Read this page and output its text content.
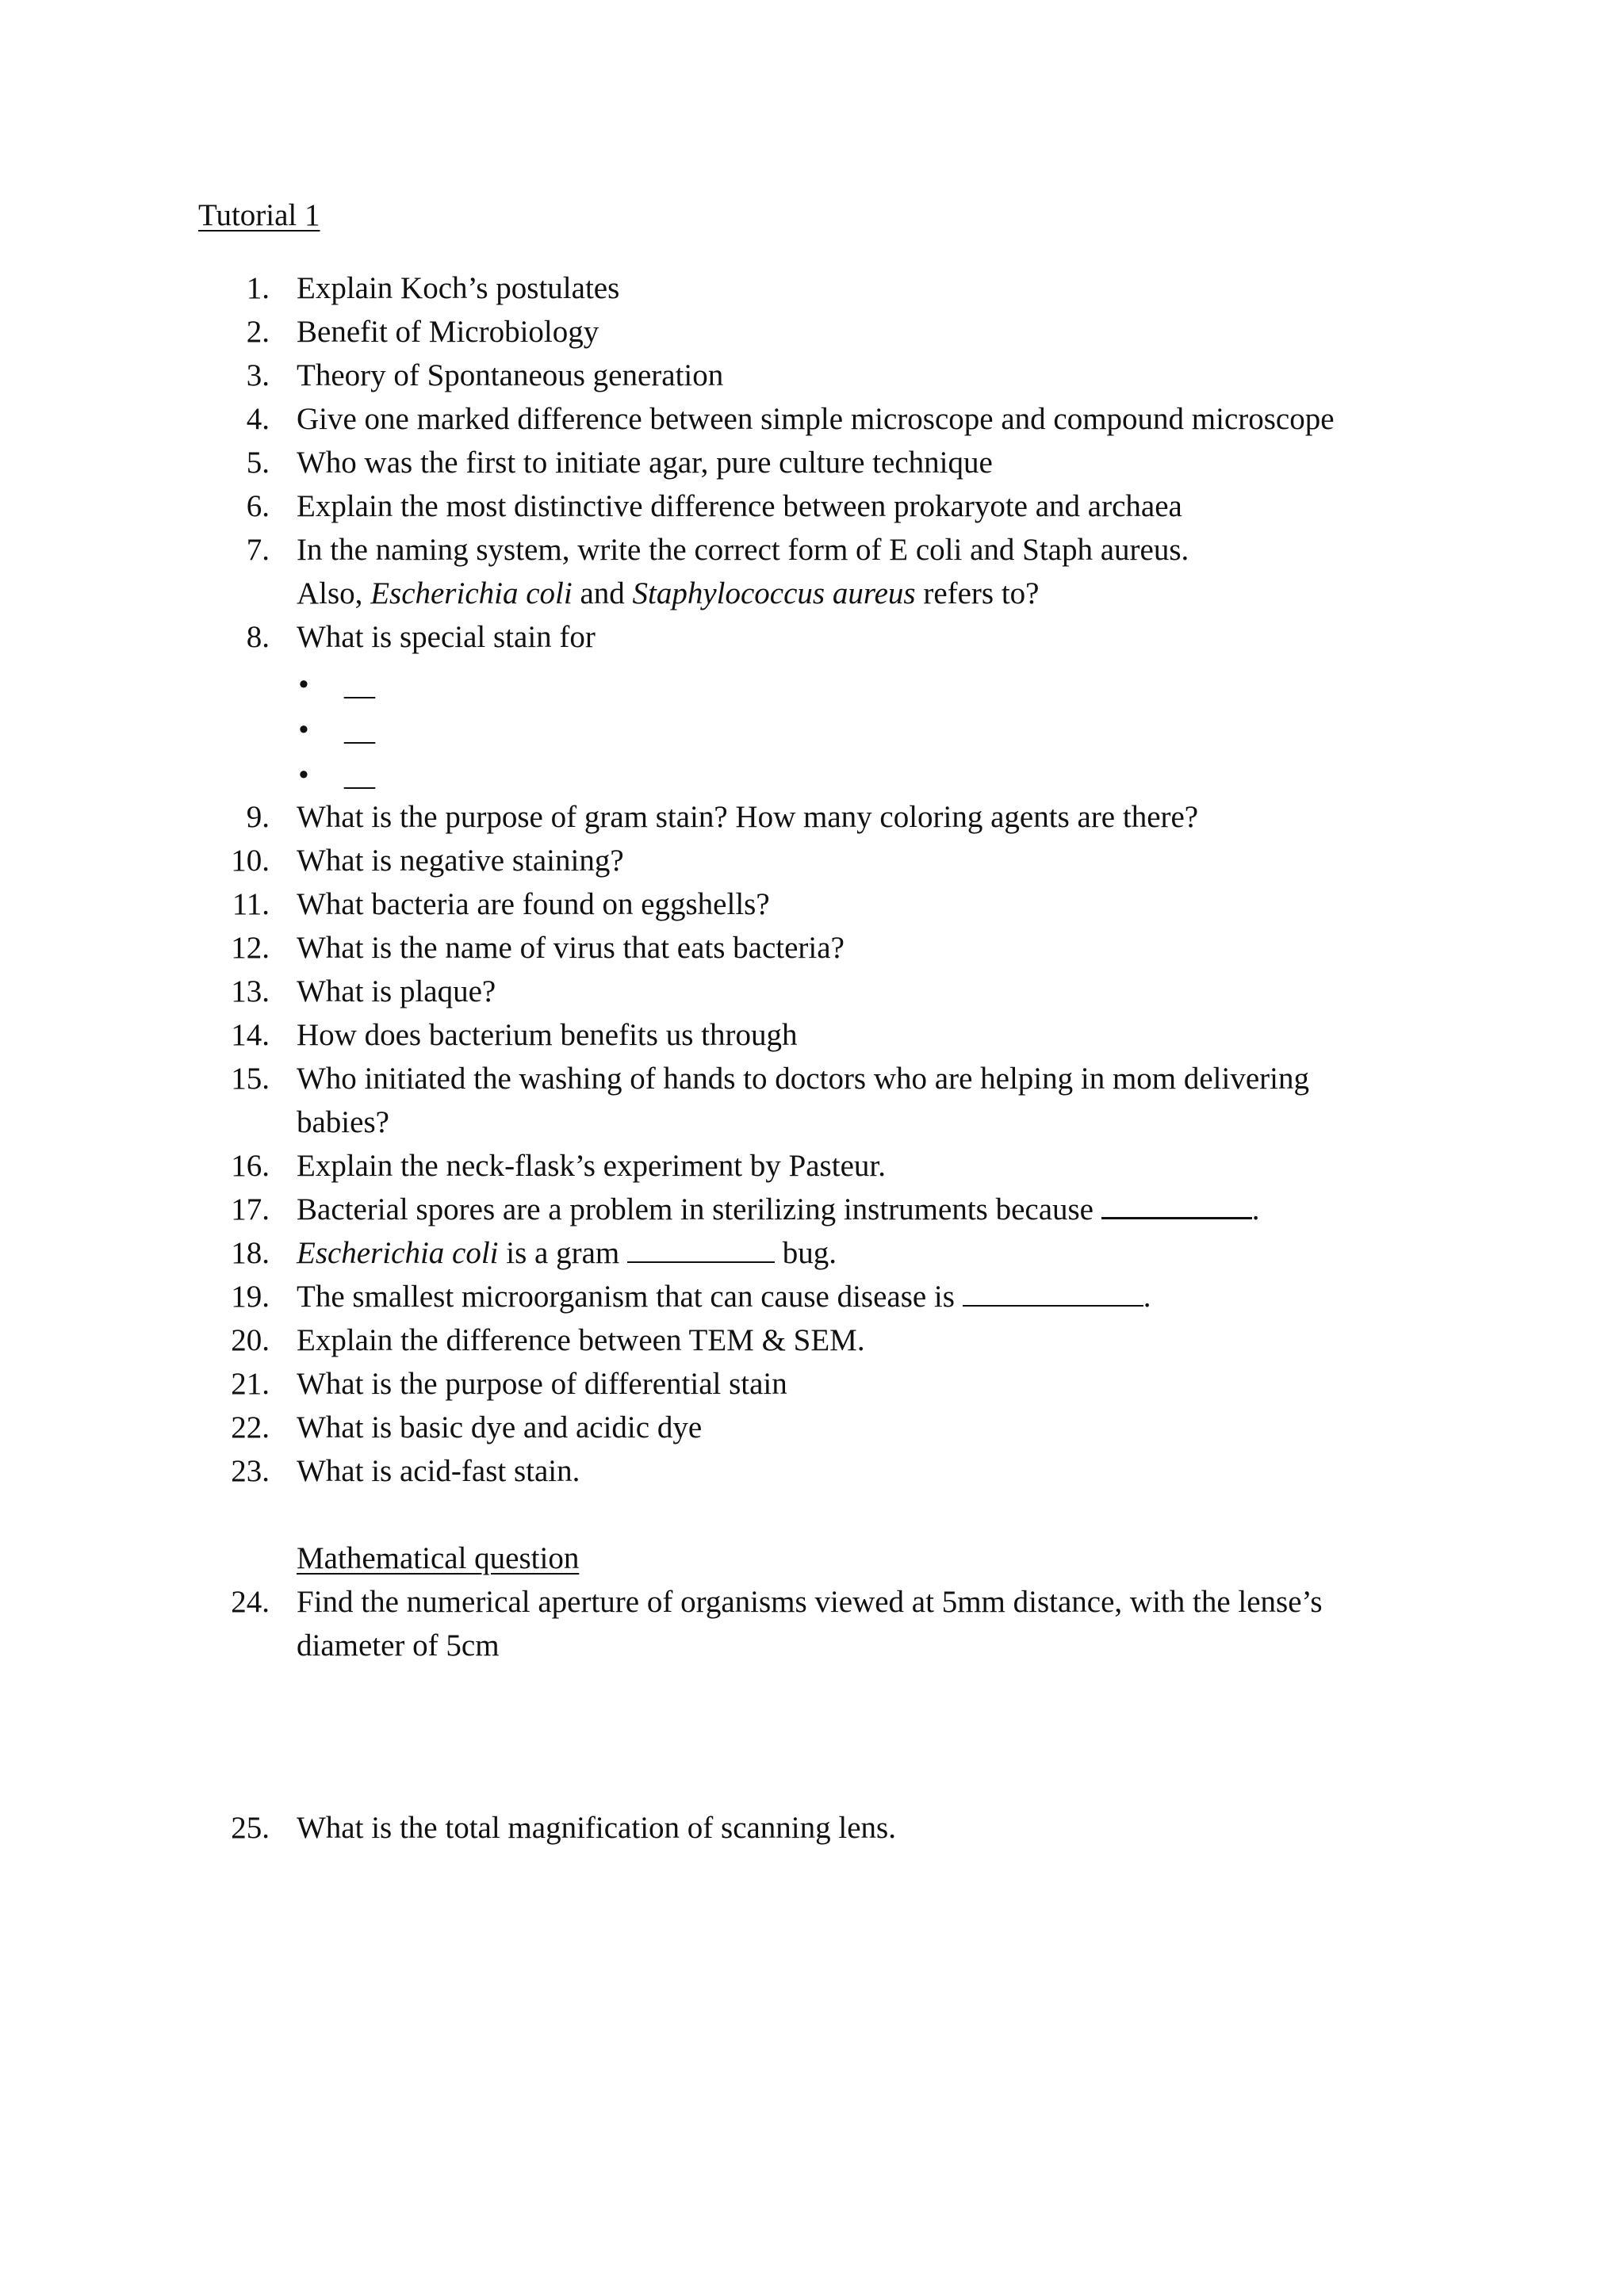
Tutorial 1
1. Explain Koch’s postulates
2. Benefit of Microbiology
3. Theory of Spontaneous generation
4. Give one marked difference between simple microscope and compound microscope
5. Who was the first to initiate agar, pure culture technique
6. Explain the most distinctive difference between prokaryote and archaea
7. In the naming system, write the correct form of E coli and Staph aureus.
Also, Escherichia coli and Staphylococcus aureus refers to?
8. What is special stain for
• __
• __
• __
9. What is the purpose of gram stain? How many coloring agents are there?
10. What is negative staining?
11. What bacteria are found on eggshells?
12. What is the name of virus that eats bacteria?
13. What is plaque?
14. How does bacterium benefits us through
15. Who initiated the washing of hands to doctors who are helping in mom delivering
babies?
16. Explain the neck-flask’s experiment by Pasteur.
17. Bacterial spores are a problem in sterilizing instruments because	.
18. Escherichia coli is a gram	bug.
19. The smallest microorganism that can cause disease is	.
20. Explain the difference between TEM & SEM.
21. What is the purpose of differential stain
22. What is basic dye and acidic dye
23. What is acid-fast stain.
Mathematical question
24. Find the numerical aperture of organisms viewed at 5mm distance, with the lense’s
diameter of 5cm
25. What is the total magnification of scanning lens.
